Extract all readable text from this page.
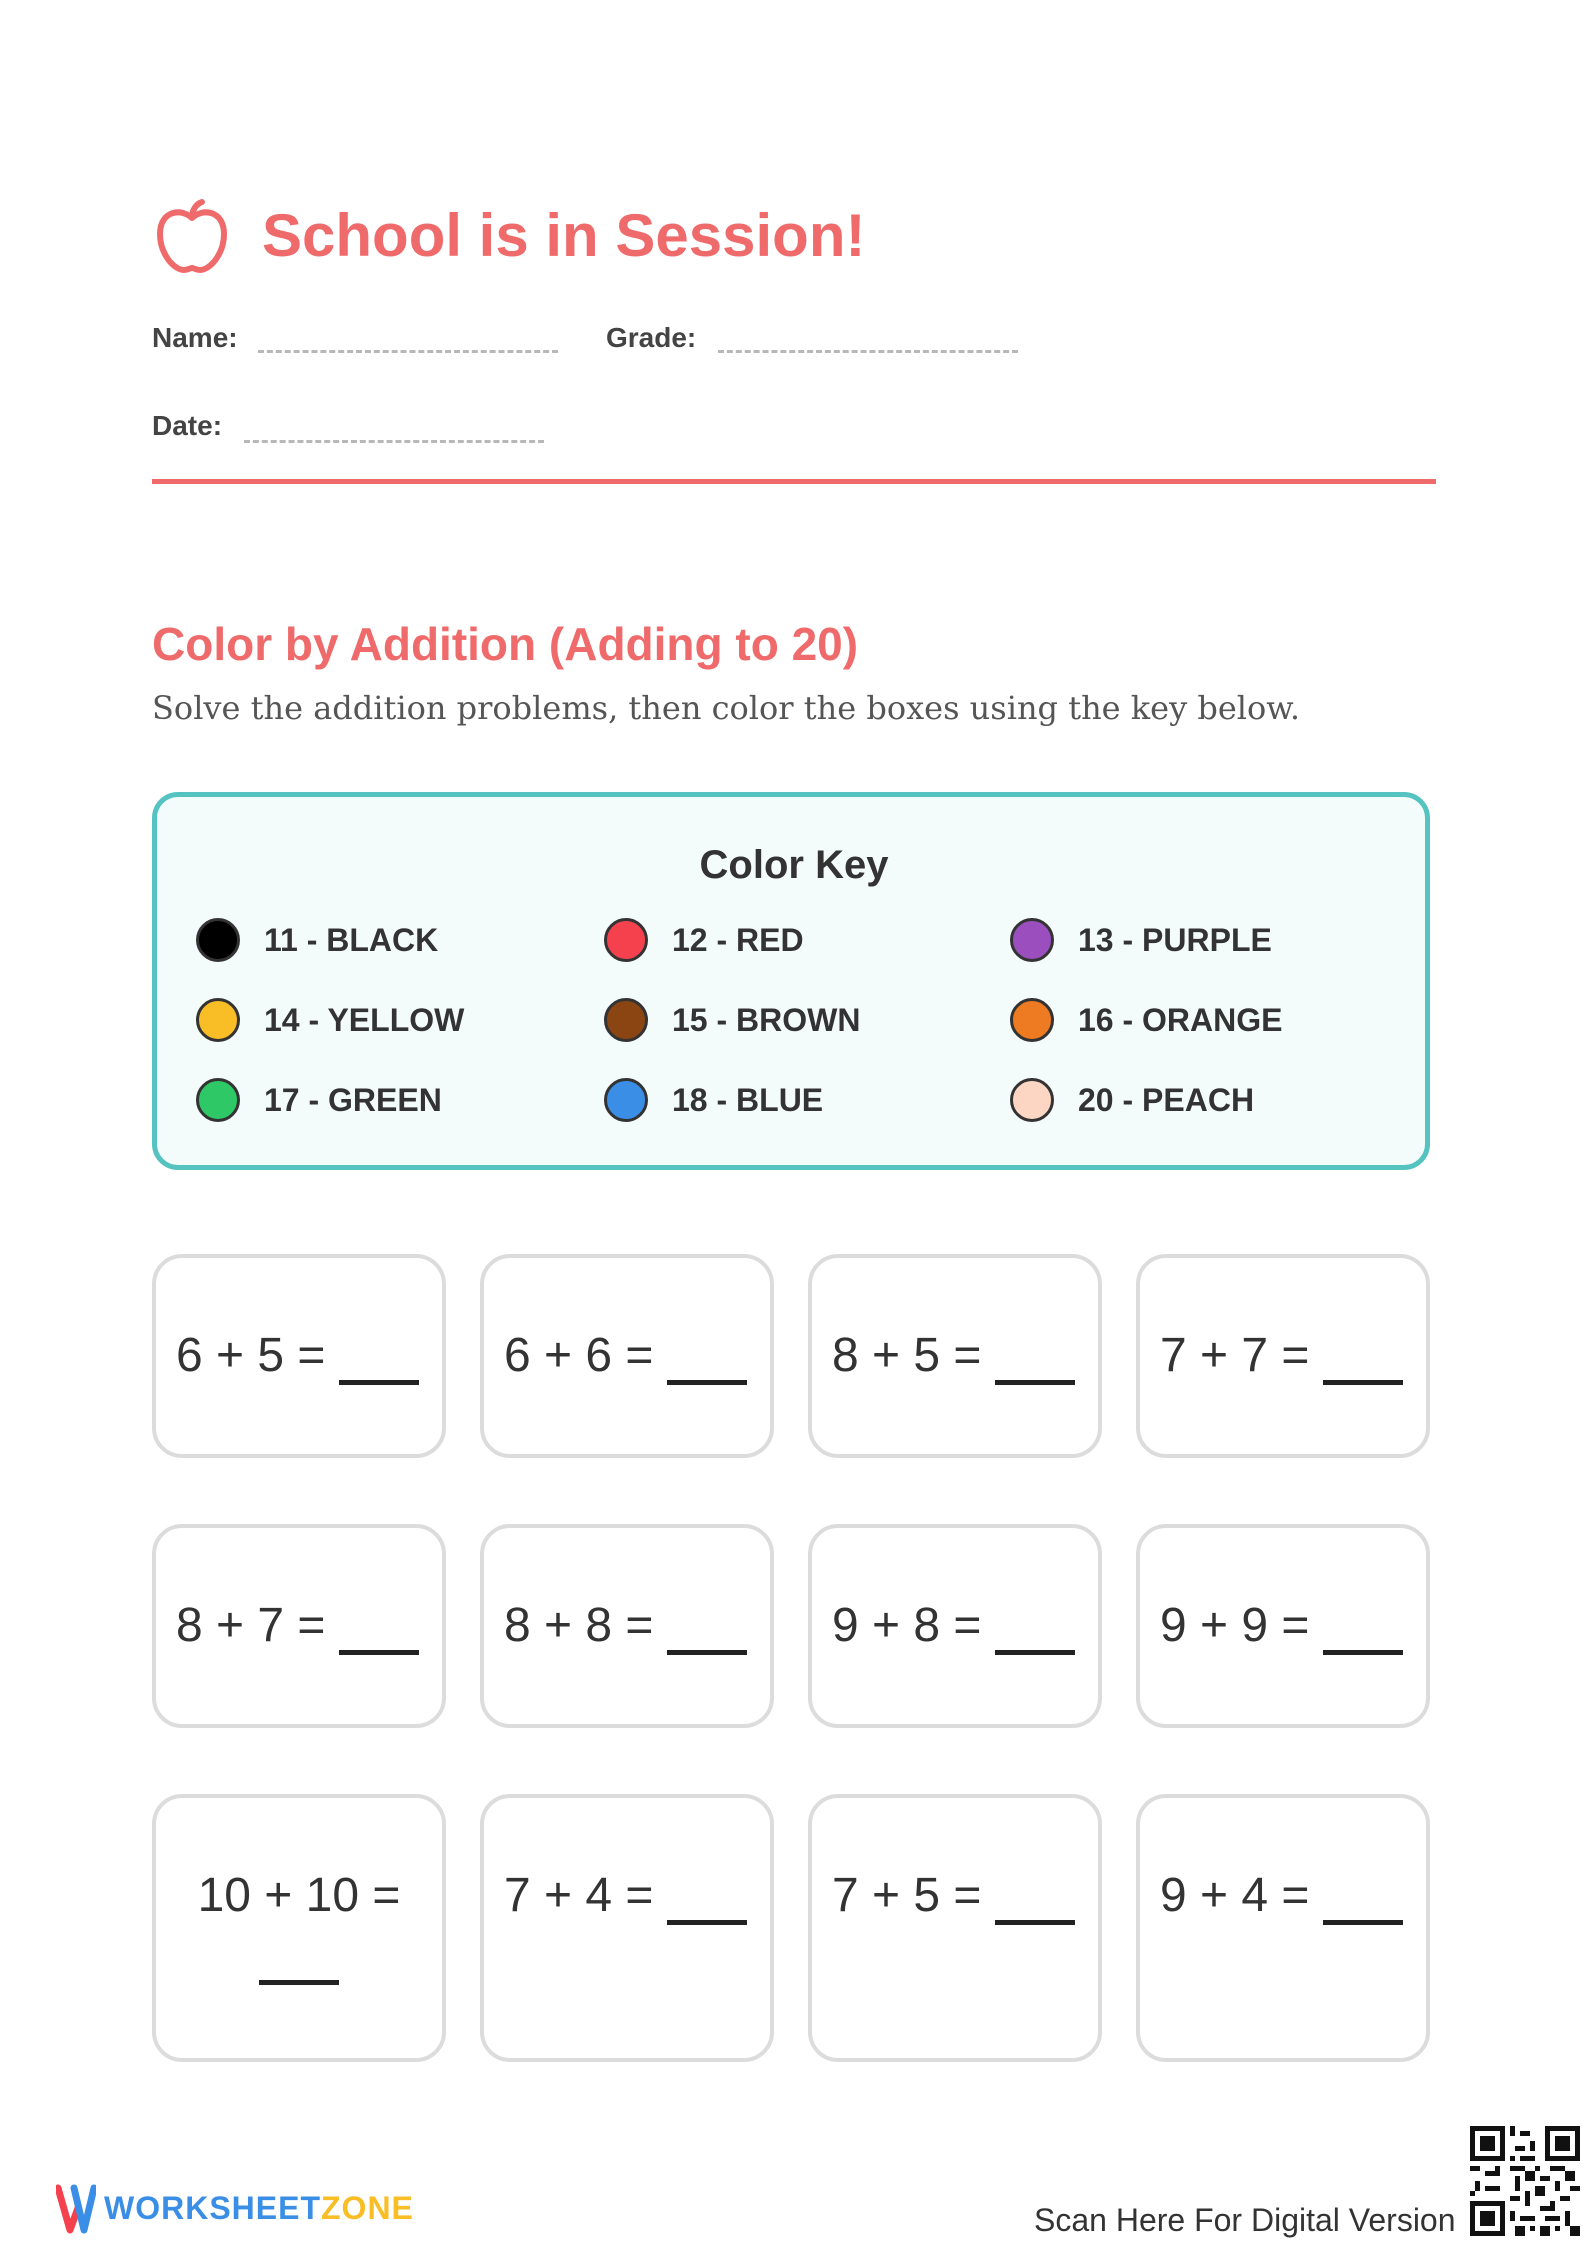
School is in Session!
Name:	Grade:
Date:
Color by Addition (Adding to 20)
Solve the addition problems, then color the boxes using the key below.
Color Key
11 - BLACK	12 - RED	13 - PURPLE
14 - YELLOW	15 - BROWN	16 - ORANGE
17 - GREEN	18 - BLUE	20 - PEACH
6 + 5 =	6 + 6 =	8 + 5 =	7 + 7 =
8 + 7 =	8 + 8 =	9 + 8 =	9 + 9 =
10 + 10 =	7 + 4 =	7 + 5 =	9 + 4 =
WORKSHEETZONE	Scan Here For Digital Version
